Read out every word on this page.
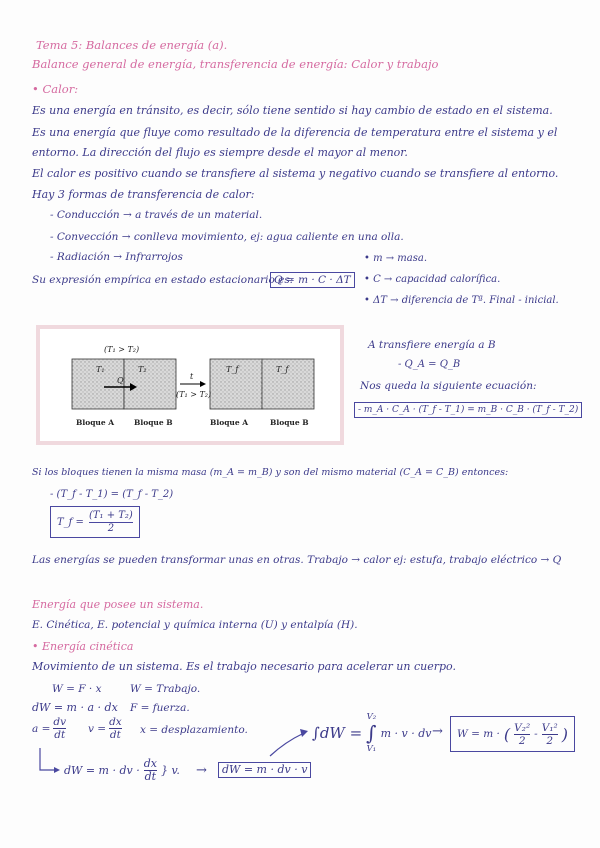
Tema 5: Balances de energía (a).
Balance general de energía, transferencia de energía: Calor y trabajo
• Calor:
Es una energía en tránsito, es decir, sólo tiene sentido si hay cambio de estado en el sistema.
Es una energía que fluye como resultado de la diferencia de temperatura entre el sistema y el
entorno. La dirección del flujo es siempre desde el mayor al menor.
El calor es positivo cuando se transfiere al sistema y negativo cuando se transfiere al entorno.
Hay 3 formas de transferencia de calor:
- Conducción → a través de un material.
- Convección → conlleva movimiento, ej: agua caliente en una olla.
- Radiación → Infrarrojos
Su expresión empírica en estado estacionario es:
Q = m · C · ΔT
• m → masa.
• C → capacidad calorífica.
• ΔT → diferencia de Tª. Final - inicial.
(T₁ > T₂)
t
(T₁ > T₂)
T₁	T₂
Q
T_f	T_f
Bloque A	Bloque B	Bloque A	Bloque B
A transfiere energía a B
- Q_A = Q_B
Nos queda la siguiente ecuación:
- m_A · C_A · (T_f - T_1) = m_B · C_B · (T_f - T_2)
Si los bloques tienen la misma masa (m_A = m_B) y son del mismo material (C_A = C_B) entonces:
- (T_f - T_1) = (T_f - T_2)
T_f = $\frac{\text{(T₁ + T₂)}}{2}$
Las energías se pueden transformar unas en otras. Trabajo → calor ej: estufa, trabajo eléctrico → Q
Energía que posee un sistema.
E. Cinética, E. potencial y química interna (U) y entalpía (H).
• Energía cinética
Movimiento de un sistema. Es el trabajo necesario para acelerar un cuerpo.
W = F · x	W = Trabajo.
dW = m · a · dx F = fuerza.
$a = \frac{dv}{dt}$ $v = \frac{dx}{dt}$ x = desplazamiento.	∫dW =
V₂
∫
V₁
m · v · dv → W = m · ( $\frac{\text{V₂²}}{2} - \frac{\text{V₁²}}{2}$ )
dW = m · dv · $\frac{dx}{dt}$ } v. →	dW = m · dv · v
